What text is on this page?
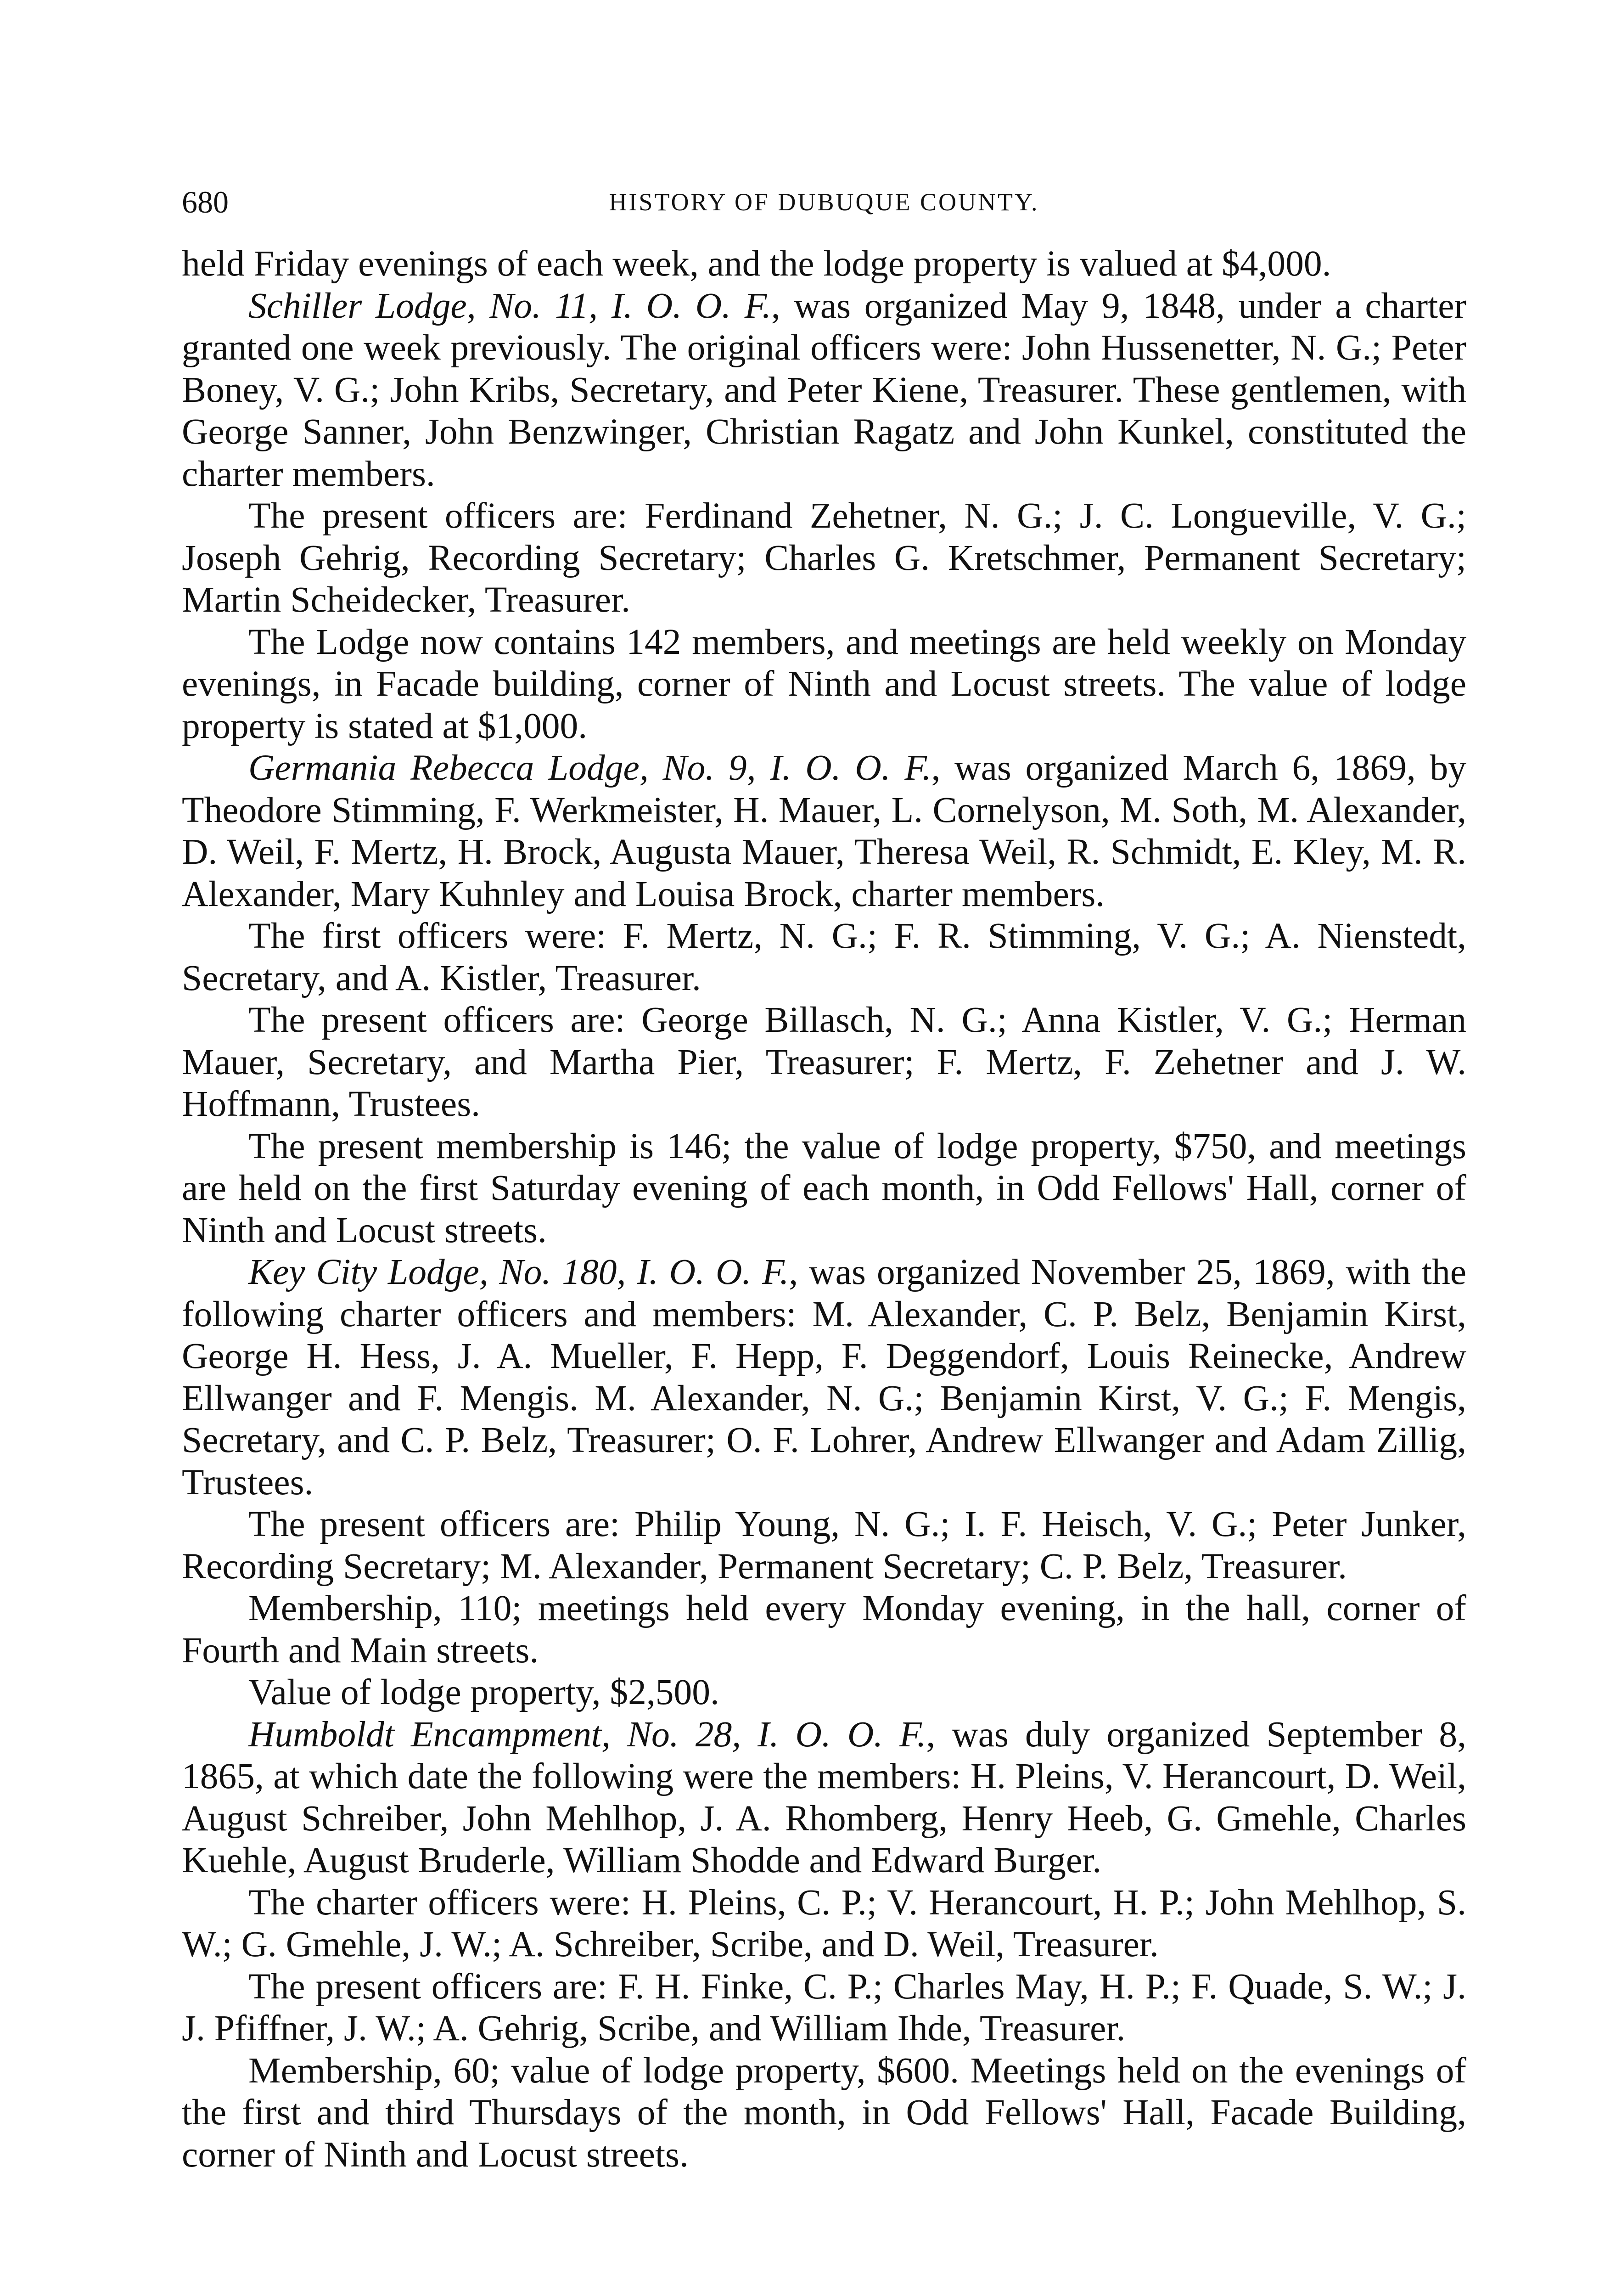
680	HISTORY OF DUBUQUE COUNTY.

held Friday evenings of each week, and the lodge property is valued at $4,000.

Schiller Lodge, No. 11, I. O. O. F., was organized May 9, 1848, under a charter granted one week previously. The original officers were: John Hussenetter, N. G.; Peter Boney, V. G.; John Kribs, Secretary, and Peter Kiene, Treasurer. These gentlemen, with George Sanner, John Benzwinger, Christian Ragatz and John Kunkel, constituted the charter members.

The present officers are: Ferdinand Zehetner, N. G.; J. C. Longueville, V. G.; Joseph Gehrig, Recording Secretary; Charles G. Kretschmer, Permanent Secretary; Martin Scheidecker, Treasurer.

The Lodge now contains 142 members, and meetings are held weekly on Monday evenings, in Facade building, corner of Ninth and Locust streets. The value of lodge property is stated at $1,000.

Germania Rebecca Lodge, No. 9, I. O. O. F., was organized March 6, 1869, by Theodore Stimming, F. Werkmeister, H. Mauer, L. Cornelyson, M. Soth, M. Alexander, D. Weil, F. Mertz, H. Brock, Augusta Mauer, Theresa Weil, R. Schmidt, E. Kley, M. R. Alexander, Mary Kuhnley and Louisa Brock, charter members.

The first officers were: F. Mertz, N. G.; F. R. Stimming, V. G.; A. Nienstedt, Secretary, and A. Kistler, Treasurer.

The present officers are: George Billasch, N. G.; Anna Kistler, V. G.; Herman Mauer, Secretary, and Martha Pier, Treasurer; F. Mertz, F. Zehetner and J. W. Hoffmann, Trustees.

The present membership is 146; the value of lodge property, $750, and meetings are held on the first Saturday evening of each month, in Odd Fellows' Hall, corner of Ninth and Locust streets.

Key City Lodge, No. 180, I. O. O. F., was organized November 25, 1869, with the following charter officers and members: M. Alexander, C. P. Belz, Benjamin Kirst, George H. Hess, J. A. Mueller, F. Hepp, F. Deggendorf, Louis Reinecke, Andrew Ellwanger and F. Mengis. M. Alexander, N. G.; Benjamin Kirst, V. G.; F. Mengis, Secretary, and C. P. Belz, Treasurer; O. F. Lohrer, Andrew Ellwanger and Adam Zillig, Trustees.

The present officers are: Philip Young, N. G.; I. F. Heisch, V. G.; Peter Junker, Recording Secretary; M. Alexander, Permanent Secretary; C. P. Belz, Treasurer.

Membership, 110; meetings held every Monday evening, in the hall, corner of Fourth and Main streets.

Value of lodge property, $2,500.

Humboldt Encampment, No. 28, I. O. O. F., was duly organized September 8, 1865, at which date the following were the members: H. Pleins, V. Herancourt, D. Weil, August Schreiber, John Mehlhop, J. A. Rhomberg, Henry Heeb, G. Gmehle, Charles Kuehle, August Bruderle, William Shodde and Edward Burger.

The charter officers were: H. Pleins, C. P.; V. Herancourt, H. P.; John Mehlhop, S. W.; G. Gmehle, J. W.; A. Schreiber, Scribe, and D. Weil, Treasurer.

The present officers are: F. H. Finke, C. P.; Charles May, H. P.; F. Quade, S. W.; J. J. Pfiffner, J. W.; A. Gehrig, Scribe, and William Ihde, Treasurer.

Membership, 60; value of lodge property, $600. Meetings held on the evenings of the first and third Thursdays of the month, in Odd Fellows' Hall, Facade Building, corner of Ninth and Locust streets.
